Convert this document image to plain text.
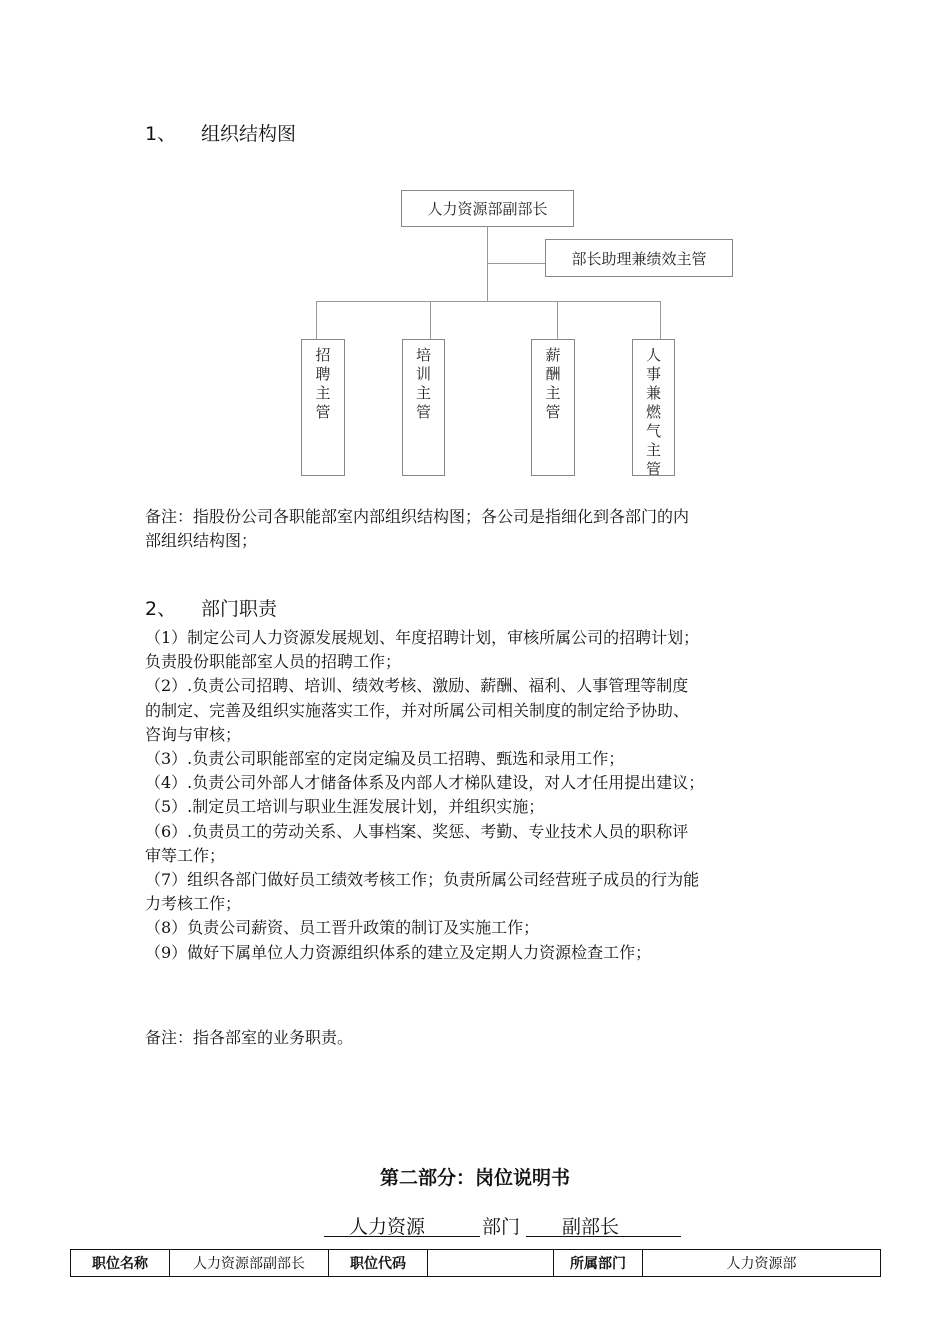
1、 组织结构图
人力资源部副部长
部长助理兼绩效主管
招
聘
主
管
培
训
主
管
薪
酬
主
管
人
事
兼
燃
气
主
管
备注：指股份公司各职能部室内部组织结构图；各公司是指细化到各部门的内
部组织结构图；
2、 部门职责
（1）制定公司人力资源发展规划、年度招聘计划，审核所属公司的招聘计划；
负责股份职能部室人员的招聘工作；
（2）.负责公司招聘、培训、绩效考核、激励、薪酬、福利、人事管理等制度
的制定、完善及组织实施落实工作，并对所属公司相关制度的制定给予协助、
咨询与审核；
（3）.负责公司职能部室的定岗定编及员工招聘、甄选和录用工作；
（4）.负责公司外部人才储备体系及内部人才梯队建设，对人才任用提出建议；
（5）.制定员工培训与职业生涯发展计划，并组织实施；
（6）.负责员工的劳动关系、人事档案、奖惩、考勤、专业技术人员的职称评
审等工作；
（7）组织各部门做好员工绩效考核工作；负责所属公司经营班子成员的行为能
力考核工作；
（8）负责公司薪资、员工晋升政策的制订及实施工作；
（9）做好下属单位人力资源组织体系的建立及定期人力资源检查工作；
备注：指各部室的业务职责。
第二部分：岗位说明书
人力资源	部门 副部长
职位名称	人力资源部副部长	职位代码		所属部门	人力资源部
